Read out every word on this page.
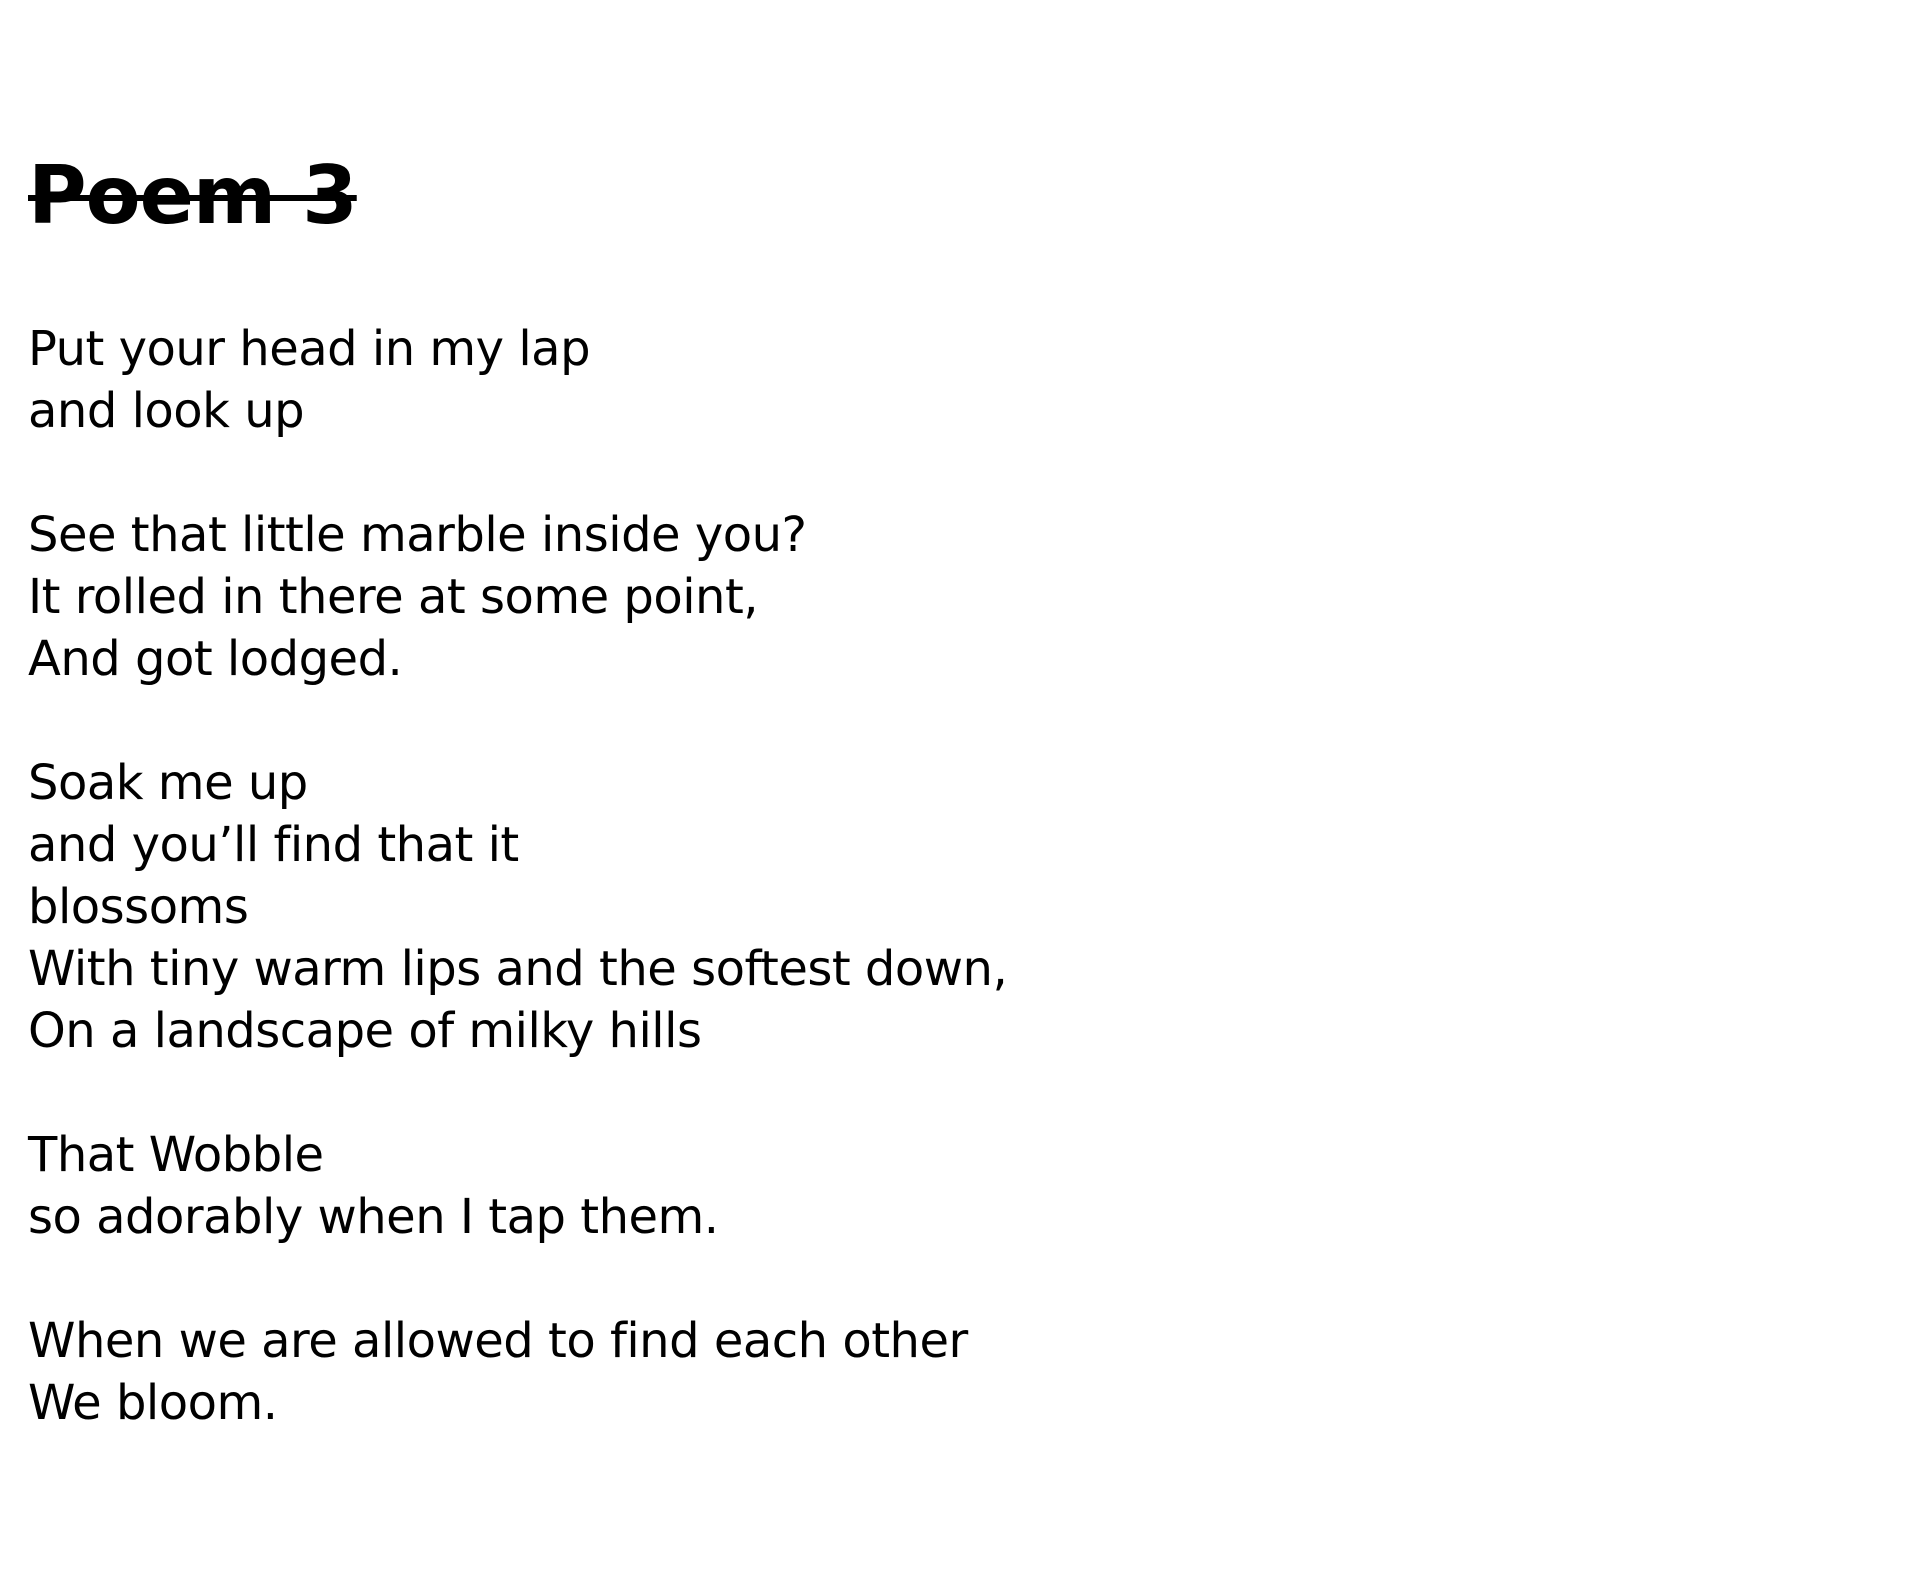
Poem 3
Put your head in my lap
and look up
See that little marble inside you?
It rolled in there at some point,
And got lodged.
Soak me up
and you’ll find that it
blossoms
With tiny warm lips and the softest down,
On a landscape of milky hills
That Wobble
so adorably when I tap them.
When we are allowed to find each other
We bloom.
